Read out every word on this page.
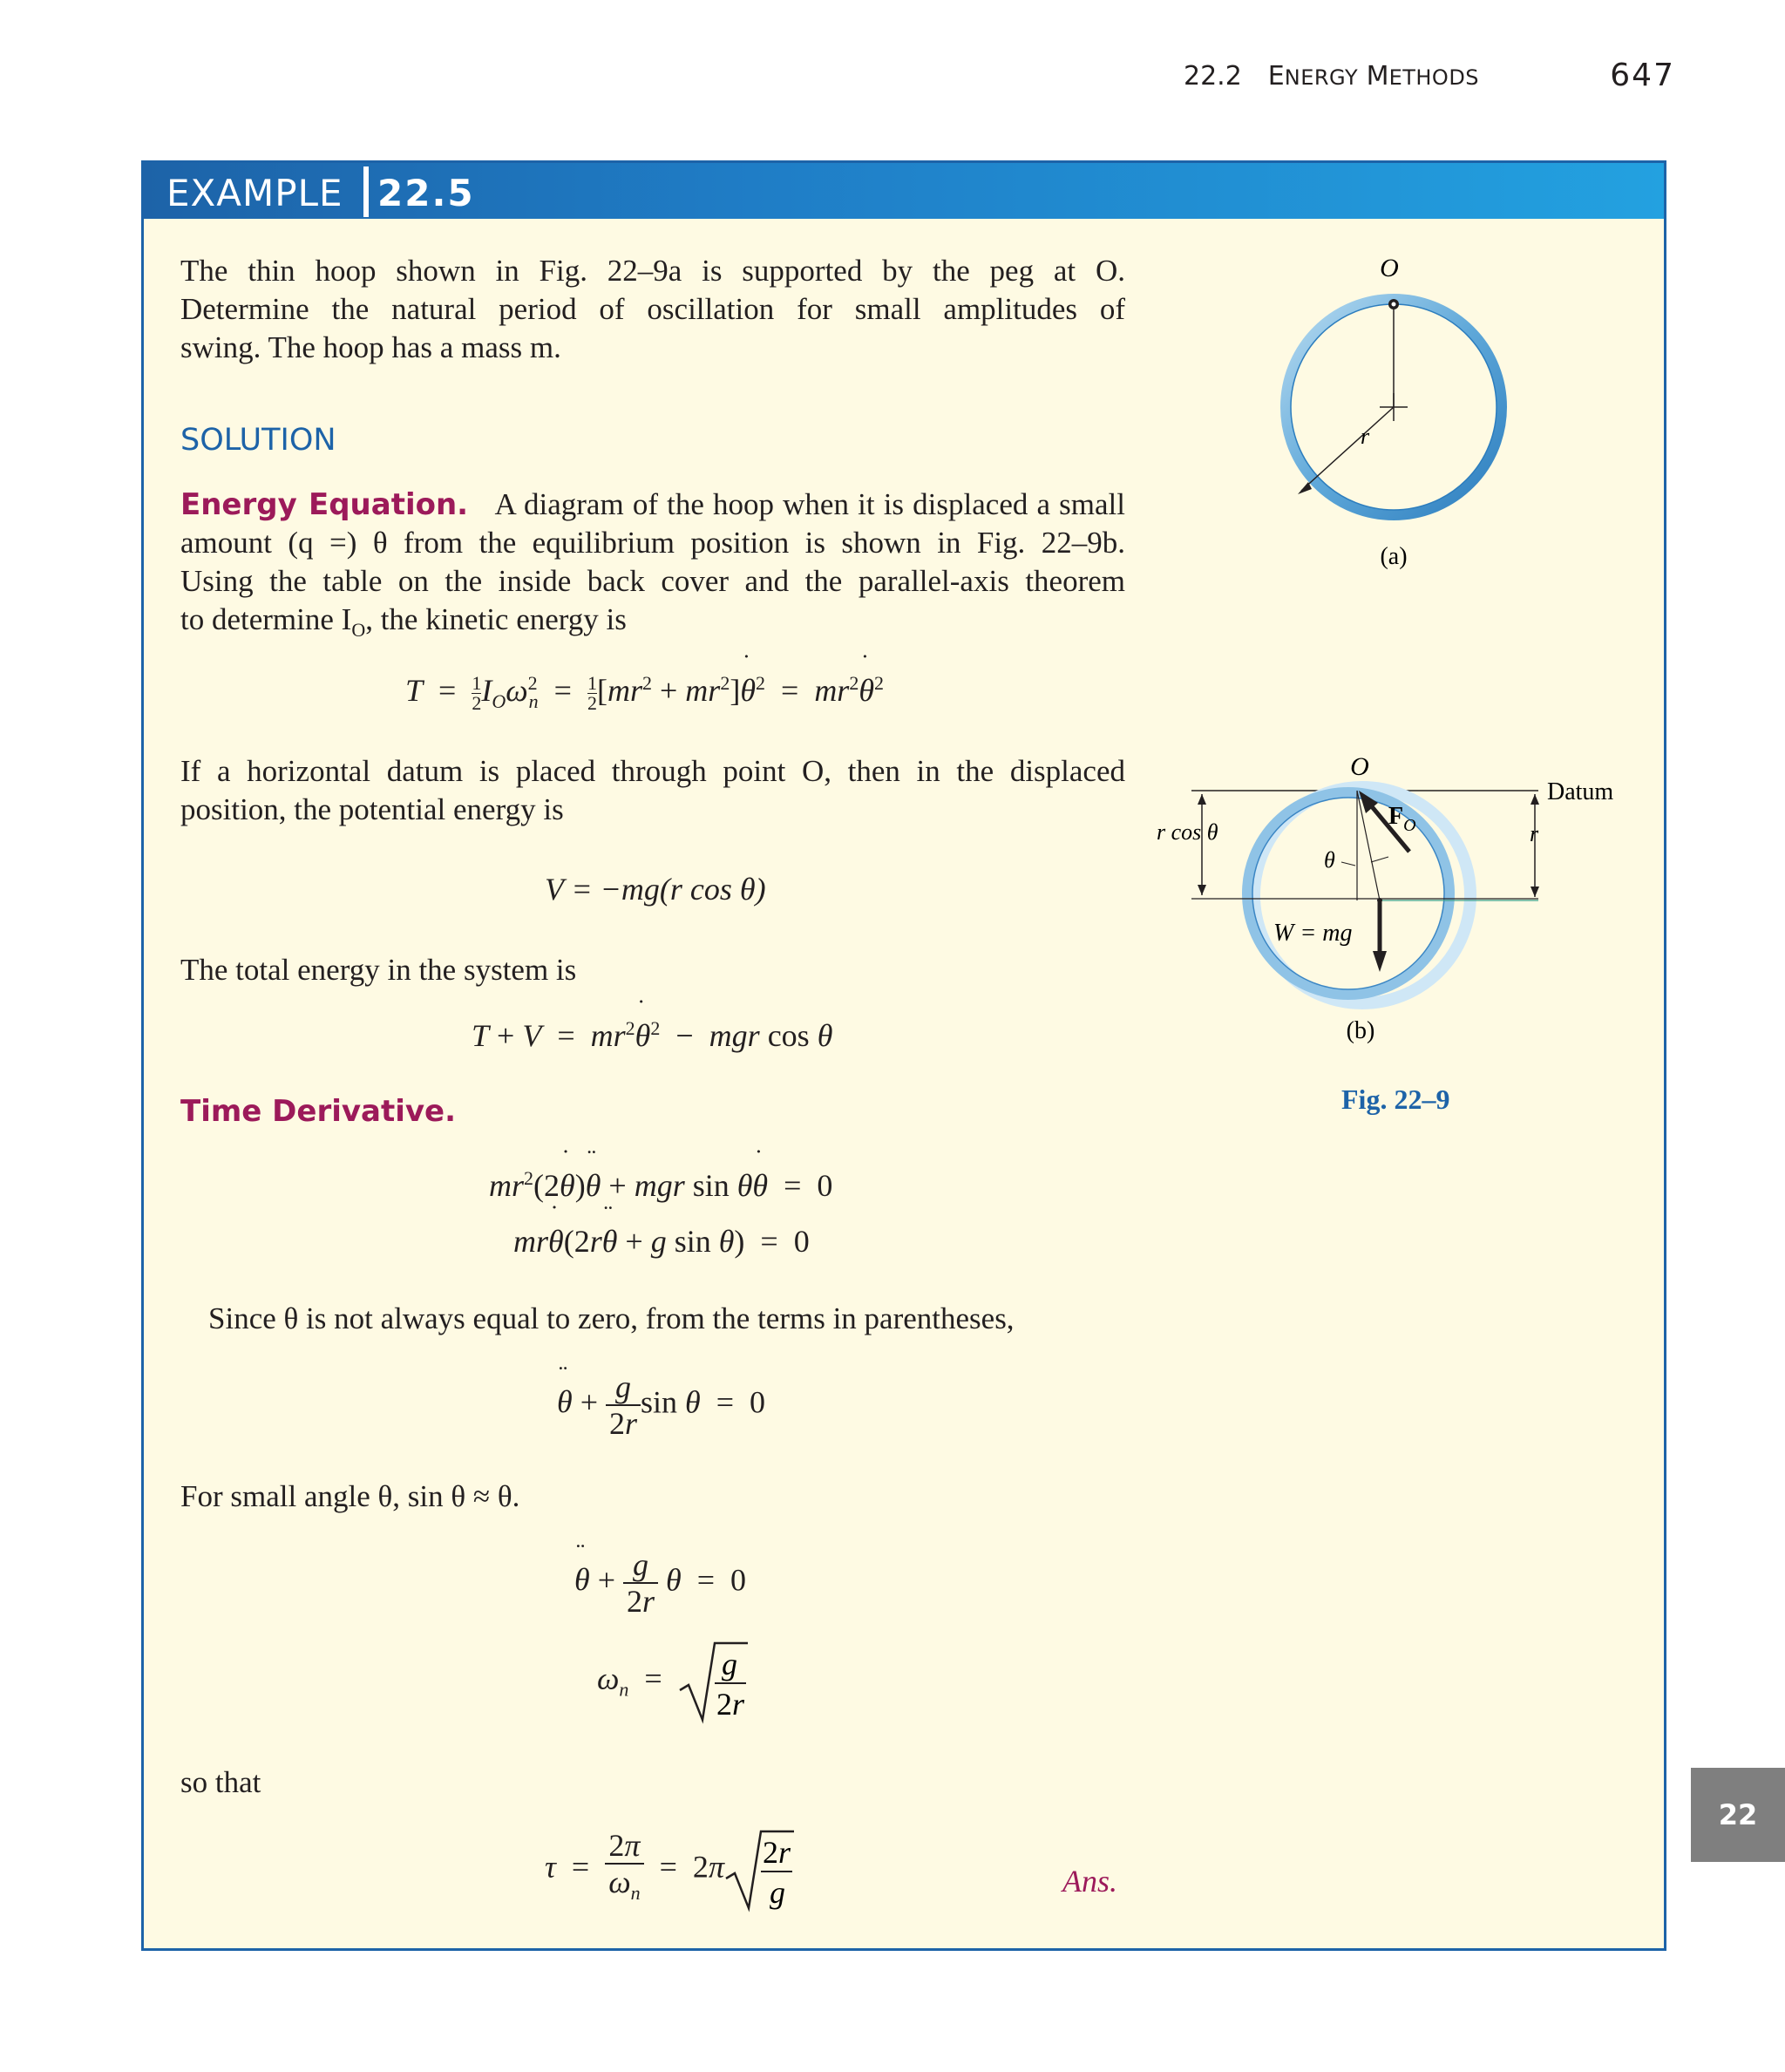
22.2 ENERGY METHODS	647
EXAMPLE 22.5
The thin hoop shown in Fig. 22–9a is supported by the peg at O.
Determine the natural period of oscillation for small amplitudes of
swing. The hoop has a mass m.
SOLUTION
Energy Equation. A diagram of the hoop when it is displaced a small
amount (q =) θ from the equilibrium position is shown in Fig. 22–9b.
Using the table on the inside back cover and the parallel-axis theorem
to determine $I_O$, the kinetic energy is
$T = \frac{1}{2} I_O\omega^2_n = \frac{1}{2} [mr^2$ + $mr^2]˙$ $\theta^2$  =  $mr^2˙$ $\theta^2$
If a horizontal datum is placed through point O, then in the displaced
position, the potential energy is
V = −mg(r cos θ)
The total energy in the system is
$T + V = mr^2˙$ $\theta^2$  −  mgr cos θ
Time Derivative.
$mr^2(2˙$ θ)¨ θ + mgr sin θ˙ θ  =  0
mr˙ θ(2r¨ θ + g sin θ)  =  0
Since θ is not always equal to zero, from the terms in parentheses,
¨ $\theta + \frac{g}{2r}$ sin θ  =  0
For small angle θ, sin θ ≈ θ.
¨ $\theta + \frac{g}{2r}$ θ  =  0
$\omega_n = g$
2r
so that
$\tau = \frac{2\pi}{\omega_n} = 2\pi$ 2r
g	Ans.
O
r
(a)
O
Datum
r cos θ	r
θ
$F_O$
W = mg
(b)
Fig. 22–9
22
